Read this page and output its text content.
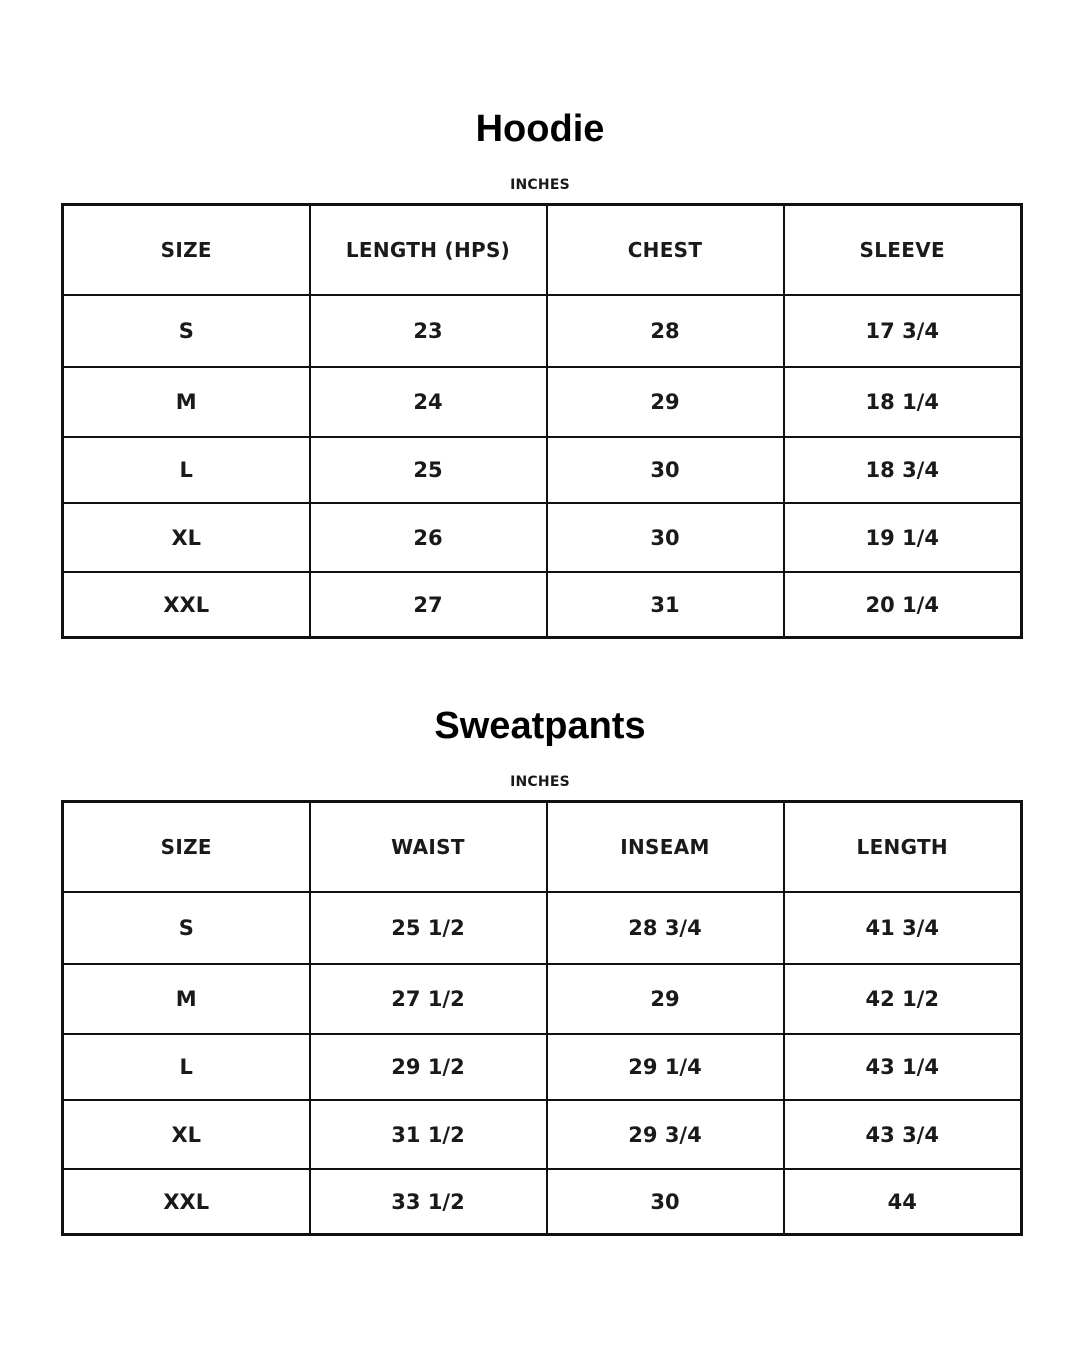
Hoodie
INCHES
SIZE	LENGTH (HPS)	CHEST	SLEEVE
S	23	28	17 3/4
M	24	29	18 1/4
L	25	30	18 3/4
XL	26	30	19 1/4
XXL	27	31	20 1/4
Sweatpants
INCHES
SIZE	WAIST	INSEAM	LENGTH
S	25 1/2	28 3/4	41 3/4
M	27 1/2	29	42 1/2
L	29 1/2	29 1/4	43 1/4
XL	31 1/2	29 3/4	43 3/4
XXL	33 1/2	30	44
